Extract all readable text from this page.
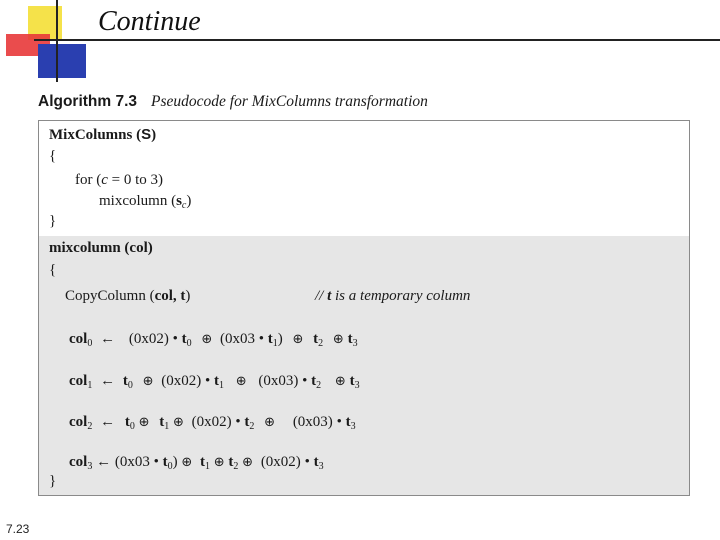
Continue
Algorithm 7.3 Pseudocode for MixColumns transformation
MixColumns (S)
{
for (c = 0 to 3)
mixcolumn $(s_c)$
}
mixcolumn (col)
{
CopyColumn (col, t)	// t is a temporary column
col$_0$ ← (0x02) • $t_0$ ⊕ (0x03 • $t_1$) ⊕ $t_2$ ⊕ $t_3$
col$_1$ ← $t_0$ ⊕ (0x02) • $t_1$ ⊕ (0x03) • $t_2$ ⊕ $t_3$
col$_2$ ← $t_0$ ⊕ $t_1$ ⊕ (0x02) • $t_2$ ⊕ (0x03) • $t_3$
col$_3$ ← (0x03 • $t_0$) ⊕ $t_1$ ⊕ $t_2$ ⊕ (0x02) • $t_3$
}
7.23
